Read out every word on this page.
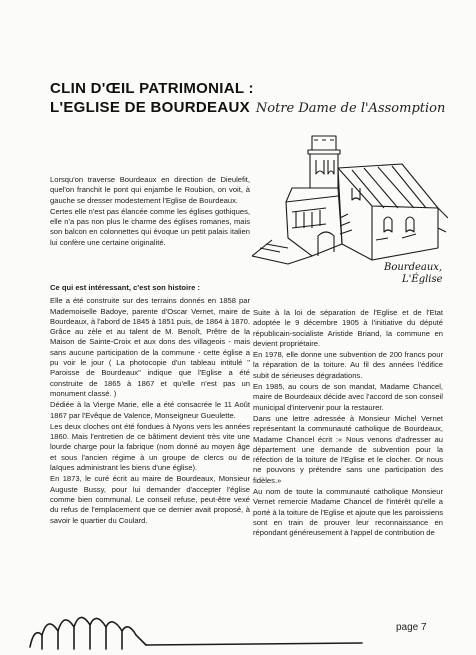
CLIN D'ŒIL PATRIMONIAL :
L'EGLISE DE BOURDEAUX Notre Dame de l'Assomption
Bourdeaux,
L'Église

Lorsqu'on traverse Bourdeaux en direction de Dieulefit, quel'on franchit le pont qui enjambe le Roubion, on voit, à gauche se dresser modestement l'Eglise de Bourdeaux.

Certes elle n'est pas élancée comme les églises gothiques, elle n'a pas non plus le charme des églises romanes, mais son balcon en colonnettes qui évoque un petit palais italien lui confère une certaine originalité.

Ce qui est intéressant, c'est son histoire :

Elle a été construite sur des terrains donnés en 1858 par Mademoiselle Badoye, parente d'Oscar Vernet, maire de Bourdeaux, à l'abord de 1845 à 1851 puis, de 1864 à 1870. Grâce au zèle et au talent de M. Benoît, Prêtre de la Maison de Sainte-Croix et aux dons des villageois - mais sans aucune participation de la commune - cette église a pu voir le jour ( La photocopie d'un tableau intitulé " Paroisse de Bourdeaux" indique que l'Eglise a été construite de 1865 à 1867 et qu'elle n'est pas un monument classé. )

Dédiée à la Vierge Marie, elle a été consacrée le 11 Août 1867 par l'Evêque de Valence, Monseigneur Gueulette.

Les deux cloches ont été fondues à Nyons vers les années 1860. Mais l'entretien de ce bâtiment devient très vite une lourde charge pour la fabrique (nom donné au moyen âge et sous l'ancien régime à un groupe de clercs ou de laïques administrant les biens d'une église).

En 1873, le curé écrit au maire de Bourdeaux, Monsieur Auguste Bussy, pour lui demander d'accepter l'église comme bien communal. Le conseil refuse, peut-être vexé du refus de l'emplacement que ce dernier avait proposé, à savoir le quartier du Coulard.

Suite à la loi de séparation de l'Eglise et de l'Etat adoptée le 9 décembre 1905 à l'initiative du député républicain-socialiste Aristide Briand, la commune en devient propriétaire.

En 1978, elle donne une subvention de 200 francs pour la réparation de la toiture. Au fil des années l'édifice subit de sérieuses dégradations.

En 1985, au cours de son mandat, Madame Chancel, maire de Bourdeaux décide avec l'accord de son conseil municipal d'intervenir pour la restaurer.

Dans une lettre adressée à Monsieur Michel Vernet représentant la communauté catholique de Bourdeaux, Madame Chancel écrit :« Nous venons d'adresser au département une demande de subvention pour la réfection de la toiture de l'Eglise et le clocher. Or nous ne pouvons y prétendre sans une participation des fidèles.»

Au nom de toute la communauté catholique Monsieur Vernet remercie Madame Chancel de l'intérêt qu'elle a porté à la toiture de l'Eglise et ajoute que les paroissiens sont en train de prouver leur reconnaissance en répondant généreusement à l'appel de contribution de

page 7
